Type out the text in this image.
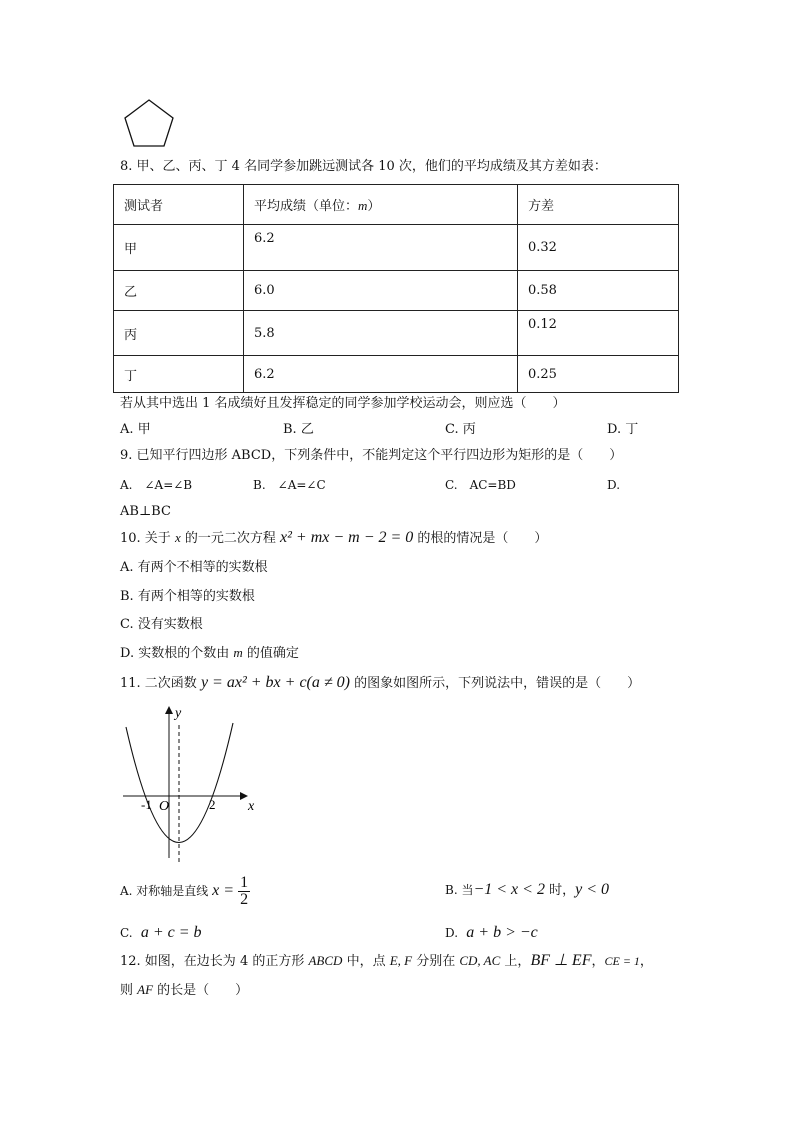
8. 甲、乙、丙、丁 4 名同学参加跳远测试各 10 次，他们的平均成绩及其方差如表：
测试者	平均成绩（单位：m）	方差
甲	6.2	0.32
乙	6.0	0.58
丙	5.8	0.12
丁	6.2	0.25
若从其中选出 1 名成绩好且发挥稳定的同学参加学校运动会，则应选（　　）
A. 甲	B. 乙	C. 丙	D. 丁
9. 已知平行四边形 ABCD，下列条件中，不能判定这个平行四边形为矩形的是（　　）
A.　∠A=∠B	B.　∠A=∠C	C.　AC=BD	D.
AB⊥BC
10. 关于 x 的一元二次方程 x² + mx − m − 2 = 0 的根的情况是（　　）
A. 有两个不相等的实数根
B. 有两个相等的实数根
C. 没有实数根
D. 实数根的个数由 m 的值确定
11. 二次函数 y = ax² + bx + c(a ≠ 0) 的图象如图所示，下列说法中，错误的是（　　）
y
x
O
-1	2
A. 对称轴是直线 $x = \frac{1}{2}$	B. 当−1 < x < 2 时，y < 0
C. a + c = b	D. a + b > −c
12. 如图，在边长为 4 的正方形 ABCD 中，点 E, F 分别在 CD, AC 上，BF ⊥ EF，CE = 1，
则 AF 的长是（　　）
